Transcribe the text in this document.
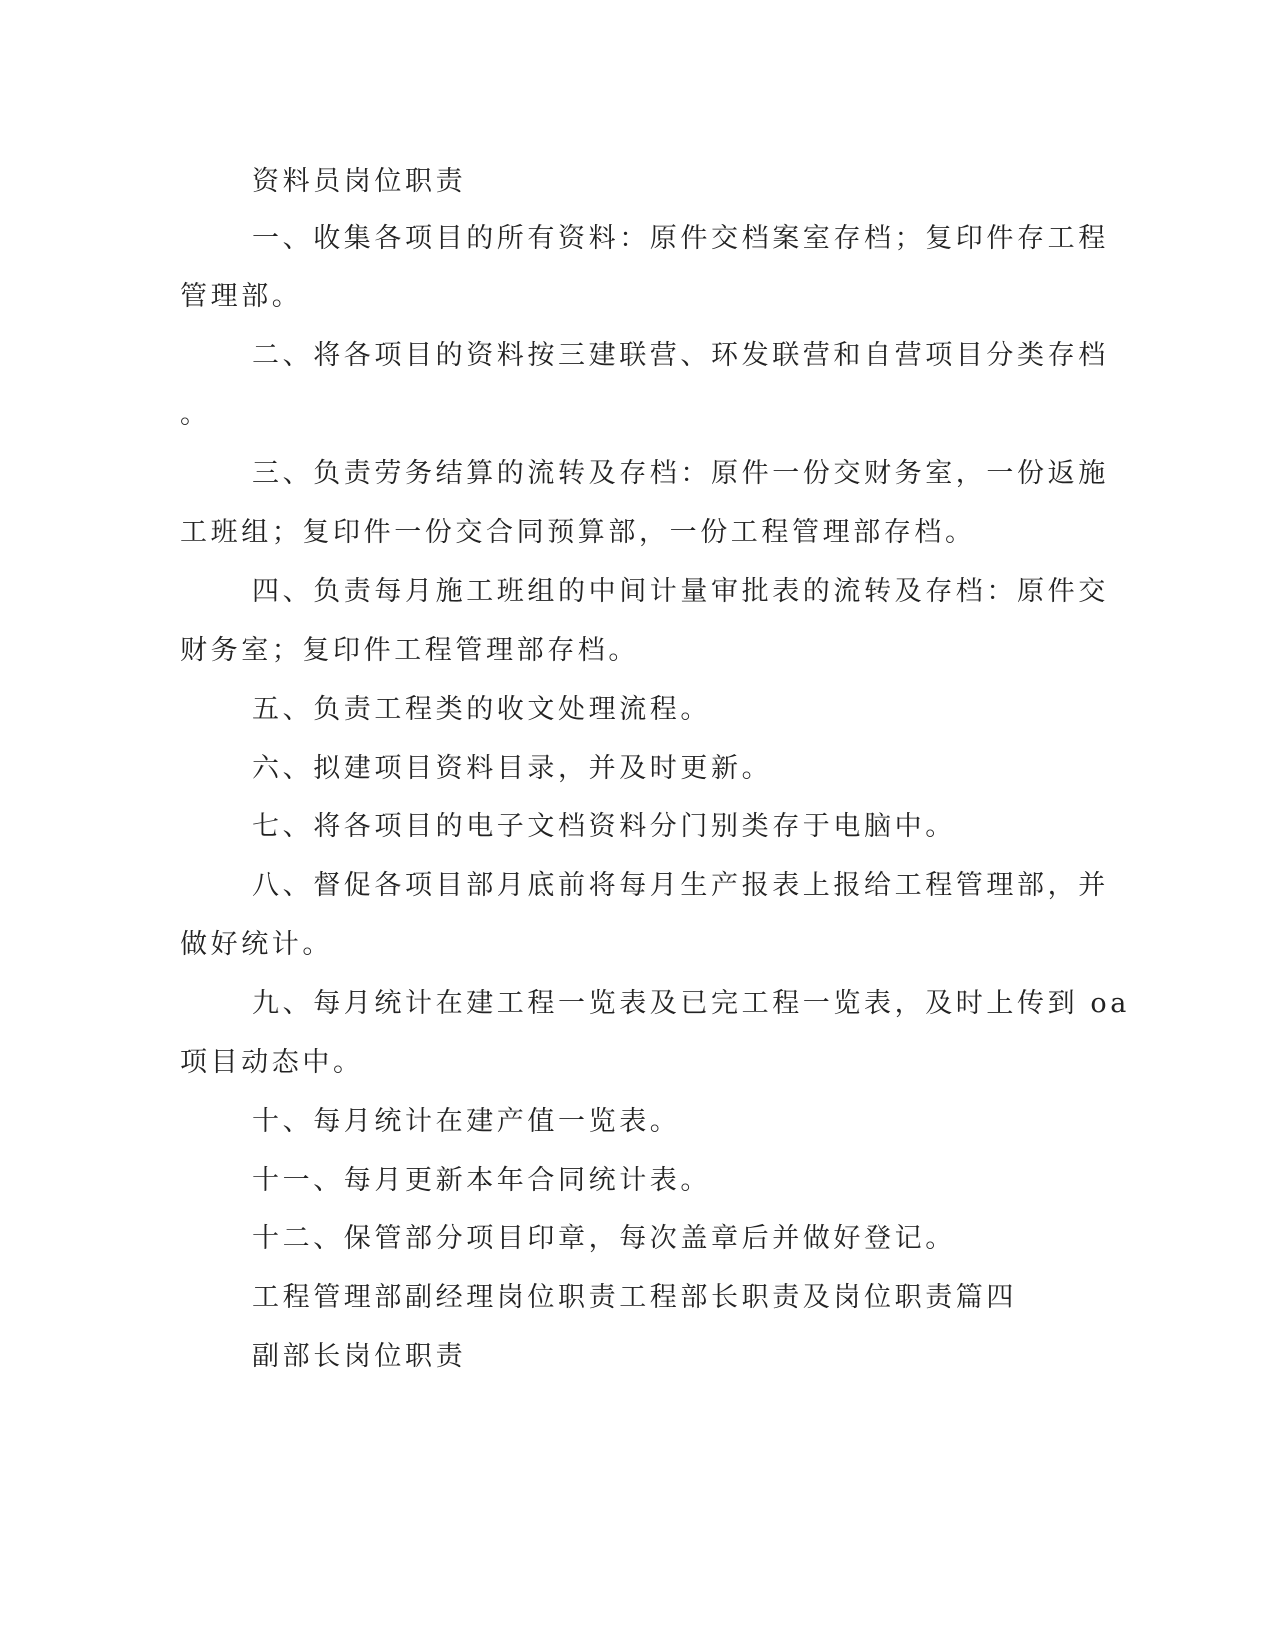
资料员岗位职责
一、收集各项目的所有资料：原件交档案室存档；复印件存工程
管理部。
二、将各项目的资料按三建联营、环发联营和自营项目分类存档
。
三、负责劳务结算的流转及存档：原件一份交财务室，一份返施
工班组；复印件一份交合同预算部，一份工程管理部存档。
四、负责每月施工班组的中间计量审批表的流转及存档：原件交
财务室；复印件工程管理部存档。
五、负责工程类的收文处理流程。
六、拟建项目资料目录，并及时更新。
七、将各项目的电子文档资料分门别类存于电脑中。
八、督促各项目部月底前将每月生产报表上报给工程管理部，并
做好统计。
九、每月统计在建工程一览表及已完工程一览表，及时上传到 oa
项目动态中。
十、每月统计在建产值一览表。
十一、每月更新本年合同统计表。
十二、保管部分项目印章，每次盖章后并做好登记。
工程管理部副经理岗位职责工程部长职责及岗位职责篇四
副部长岗位职责
